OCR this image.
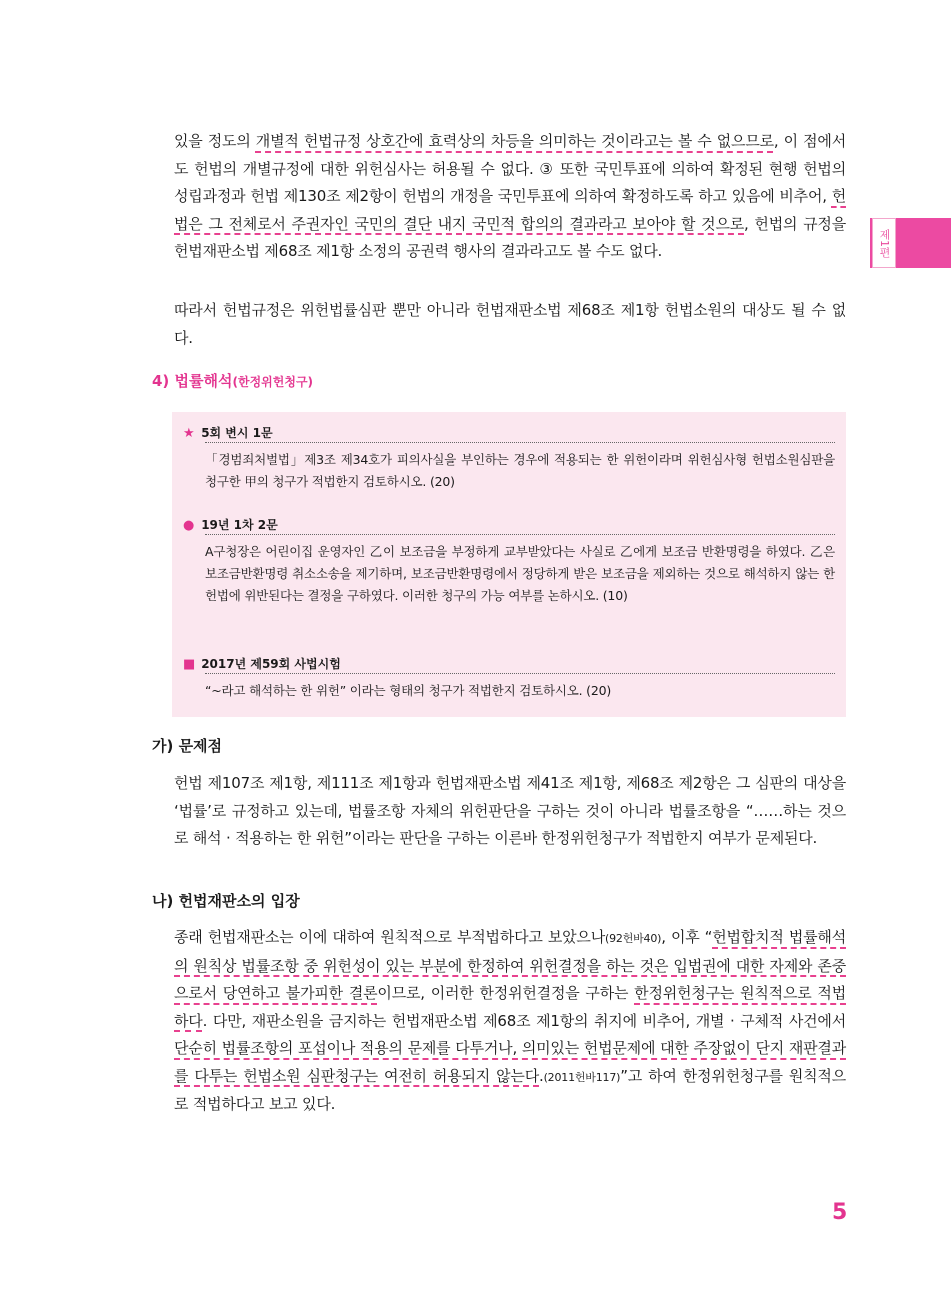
제1편

있을 정도의 개별적 헌법규정 상호간에 효력상의 차등을 의미하는 것이라고는 볼 수 없으므로, 이 점에서도 헌법의 개별규정에 대한 위헌심사는 허용될 수 없다. ③ 또한 국민투표에 의하여 확정된 현행 헌법의 성립과정과 헌법 제130조 제2항이 헌법의 개정을 국민투표에 의하여 확정하도록 하고 있음에 비추어, 헌법은 그 전체로서 주권자인 국민의 결단 내지 국민적 합의의 결과라고 보아야 할 것으로, 헌법의 규정을 헌법재판소법 제68조 제1항 소정의 공권력 행사의 결과라고도 볼 수도 없다.

따라서 헌법규정은 위헌법률심판 뿐만 아니라 헌법재판소법 제68조 제1항 헌법소원의 대상도 될 수 없다.

4) 법률해석(한정위헌청구)
★ 5회 변시 1문
「경범죄처벌법」제3조 제34호가 피의사실을 부인하는 경우에 적용되는 한 위헌이라며 위헌심사형 헌법소원심판을 청구한 甲의 청구가 적법한지 검토하시오. (20)
● 19년 1차 2문
A구청장은 어린이집 운영자인 乙이 보조금을 부정하게 교부받았다는 사실로 乙에게 보조금 반환명령을 하였다. 乙은 보조금반환명령 취소소송을 제기하며, 보조금반환명령에서 정당하게 받은 보조금을 제외하는 것으로 해석하지 않는 한 헌법에 위반된다는 결정을 구하였다. 이러한 청구의 가능 여부를 논하시오. (10)
■ 2017년 제59회 사법시험
“~라고 해석하는 한 위헌” 이라는 형태의 청구가 적법한지 검토하시오. (20)
가) 문제점

헌법 제107조 제1항, 제111조 제1항과 헌법재판소법 제41조 제1항, 제68조 제2항은 그 심판의 대상을 ‘법률’로 규정하고 있는데, 법률조항 자체의 위헌판단을 구하는 것이 아니라 법률조항을 “……하는 것으로 해석 · 적용하는 한 위헌”이라는 판단을 구하는 이른바 한정위헌청구가 적법한지 여부가 문제된다.

나) 헌법재판소의 입장

종래 헌법재판소는 이에 대하여 원칙적으로 부적법하다고 보았으나(92헌바40), 이후 “헌법합치적 법률해석의 원칙상 법률조항 중 위헌성이 있는 부분에 한정하여 위헌결정을 하는 것은 입법권에 대한 자제와 존중으로서 당연하고 불가피한 결론이므로, 이러한 한정위헌결정을 구하는 한정위헌청구는 원칙적으로 적법하다. 다만, 재판소원을 금지하는 헌법재판소법 제68조 제1항의 취지에 비추어, 개별 · 구체적 사건에서 단순히 법률조항의 포섭이나 적용의 문제를 다투거나, 의미있는 헌법문제에 대한 주장없이 단지 재판결과를 다투는 헌법소원 심판청구는 여전히 허용되지 않는다.(2011헌바117)”고 하여 한정위헌청구를 원칙적으로 적법하다고 보고 있다.

5
